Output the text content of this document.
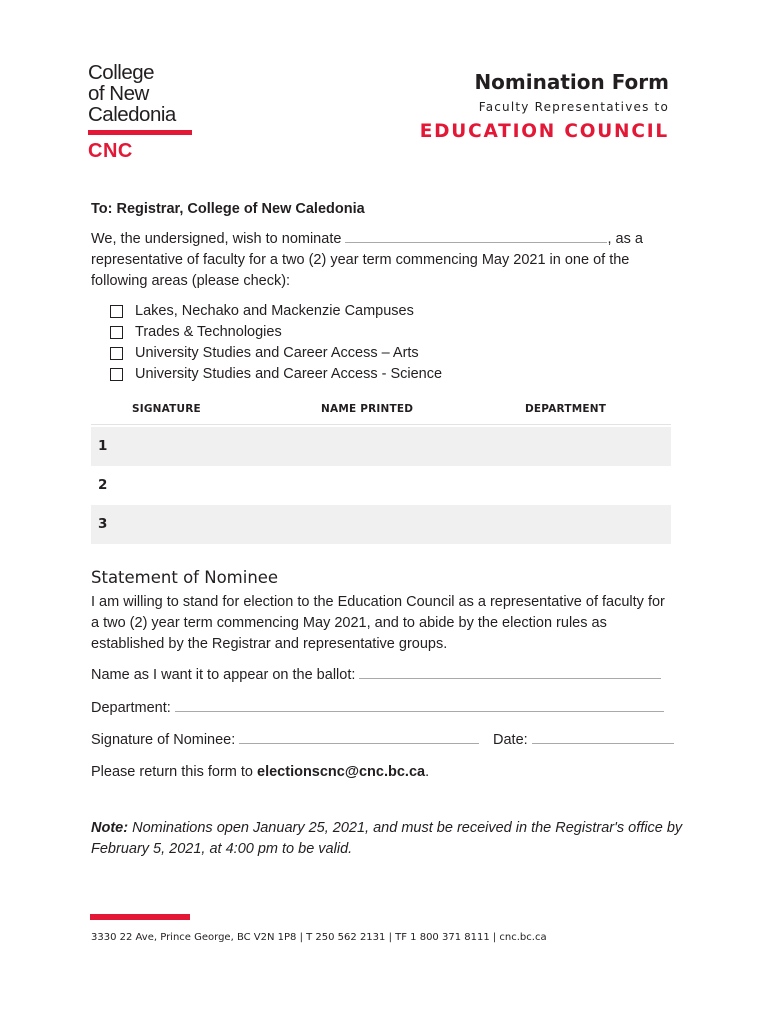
College
of New
Caledonia
CNC
Nomination Form
Faculty Representatives to
EDUCATION COUNCIL
To: Registrar, College of New Caledonia
We, the undersigned, wish to nominate	, as a
representative of faculty for a two (2) year term commencing May 2021 in one of the
following areas (please check):
Lakes, Nechako and Mackenzie Campuses
Trades & Technologies
University Studies and Career Access – Arts
University Studies and Career Access - Science
SIGNATURE	NAME PRINTED	DEPARTMENT
1
2
3
Statement of Nominee
I am willing to stand for election to the Education Council as a representative of faculty for
a two (2) year term commencing May 2021, and to abide by the election rules as
established by the Registrar and representative groups.
Name as I want it to appear on the ballot:
Department:
Signature of Nominee:	Date:
Please return this form to electionscnc@cnc.bc.ca.
Note: Nominations open January 25, 2021, and must be received in the Registrar's office by
February 5, 2021, at 4:00 pm to be valid.
3330 22 Ave, Prince George, BC V2N 1P8 | T 250 562 2131 | TF 1 800 371 8111 | cnc.bc.ca
